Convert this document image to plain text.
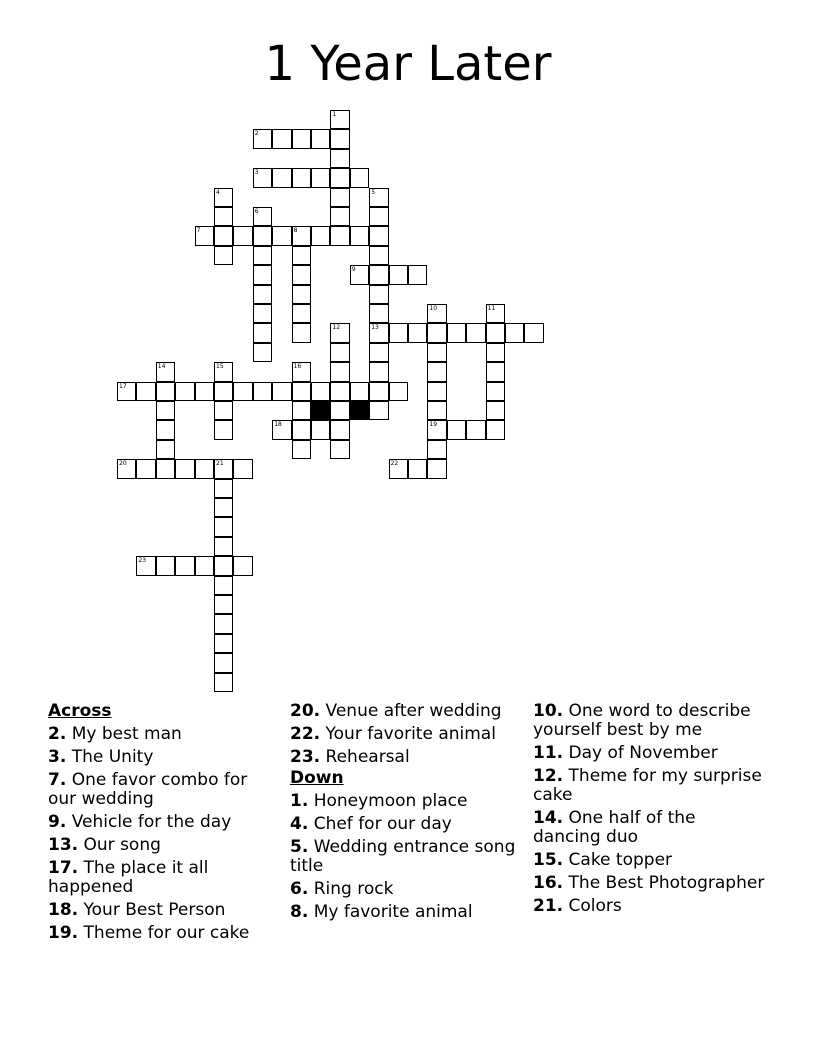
1 Year Later
1
2
3
4	5
6
7	8
9
10	11
12	13
14	15	16
17
18	19
20	21	22
23
Across
2. My best man
3. The Unity
7. One favor combo for our wedding
9. Vehicle for the day
13. Our song
17. The place it all happened
18. Your Best Person
19. Theme for our cake
20. Venue after wedding
22. Your favorite animal
23. Rehearsal
Down
1. Honeymoon place
4. Chef for our day
5. Wedding entrance song title
6. Ring rock
8. My favorite animal
10. One word to describe yourself best by me
11. Day of November
12. Theme for my surprise cake
14. One half of the dancing duo
15. Cake topper
16. The Best Photographer
21. Colors
